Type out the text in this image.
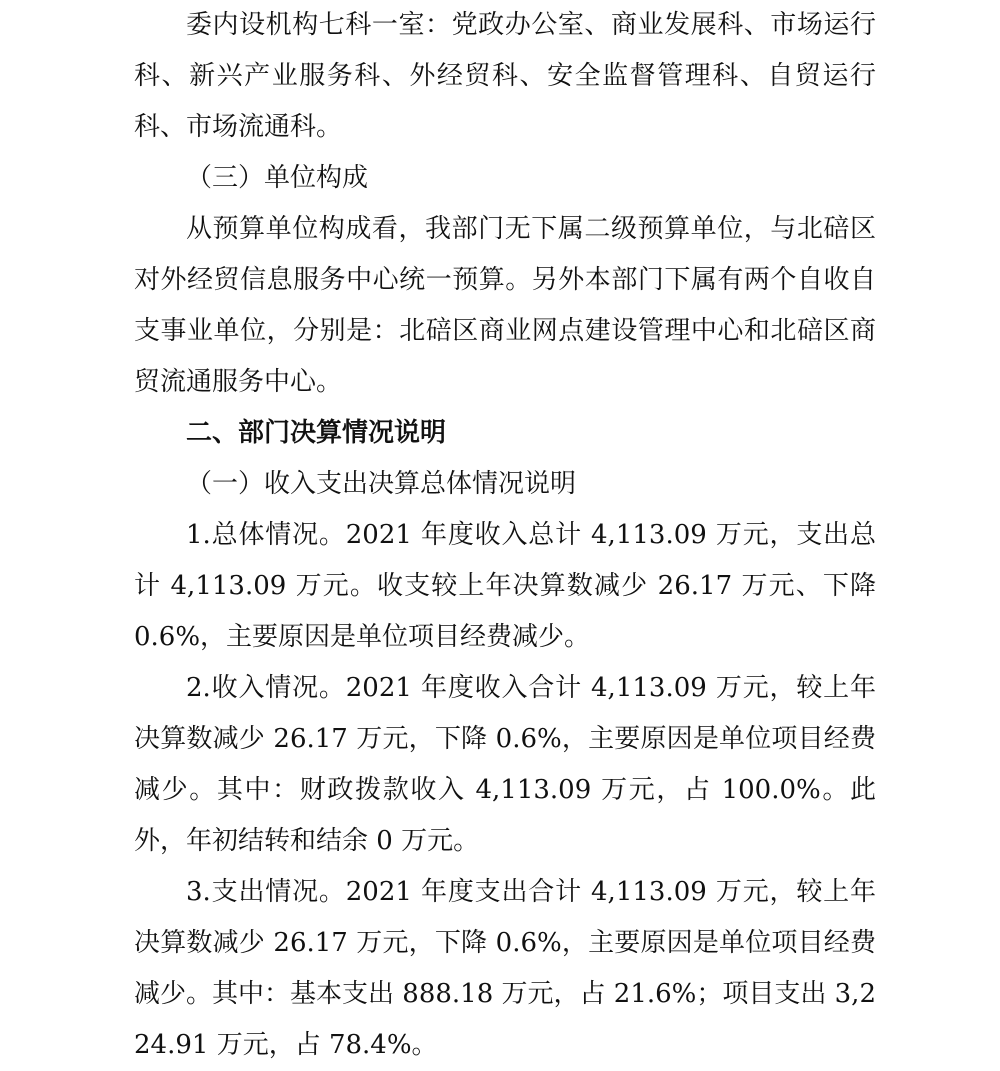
委内设机构七科一室：党政办公室、商业发展科、市场运行科、新兴产业服务科、外经贸科、安全监督管理科、自贸运行科、市场流通科。

（三）单位构成

从预算单位构成看，我部门无下属二级预算单位，与北碚区对外经贸信息服务中心统一预算。另外本部门下属有两个自收自支事业单位，分别是：北碚区商业网点建设管理中心和北碚区商贸流通服务中心。

二、部门决算情况说明

（一）收入支出决算总体情况说明

1.总体情况。2021 年度收入总计 4,113.09 万元，支出总计 4,113.09 万元。收支较上年决算数减少 26.17 万元、下降 0.6%，主要原因是单位项目经费减少。

2.收入情况。2021 年度收入合计 4,113.09 万元，较上年决算数减少 26.17 万元，下降 0.6%，主要原因是单位项目经费减少。其中：财政拨款收入 4,113.09 万元，占 100.0%。此外，年初结转和结余 0 万元。

3.支出情况。2021 年度支出合计 4,113.09 万元，较上年决算数减少 26.17 万元，下降 0.6%，主要原因是单位项目经费减少。其中：基本支出 888.18 万元，占 21.6%；项目支出 3,224.91 万元，占 78.4%。
